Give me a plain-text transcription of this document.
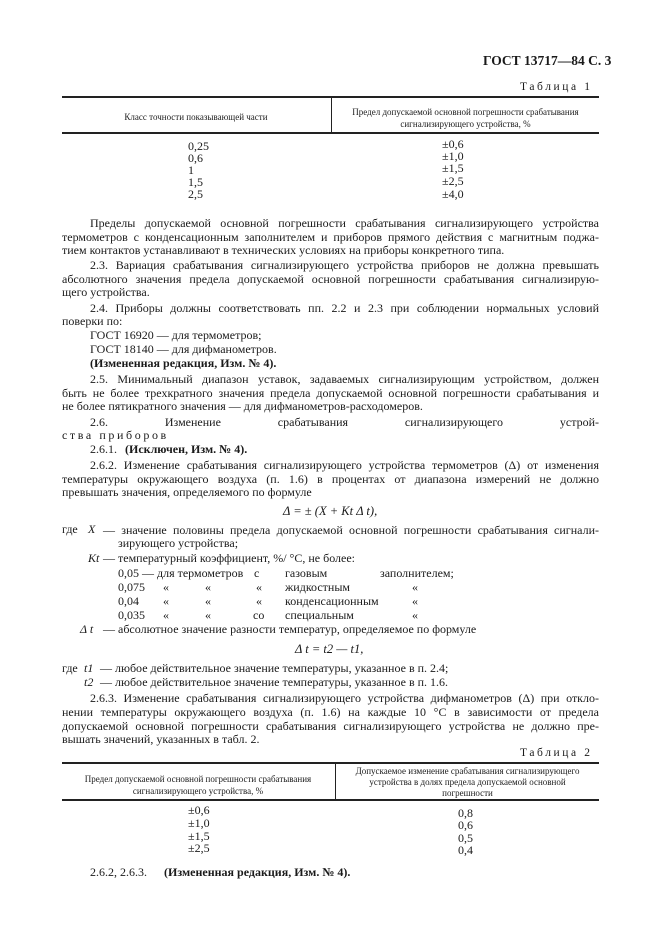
ГОСТ 13717—84 С. 3
Таблица 1
Класс точности показывающей части	Предел допускаемой основной погрешности срабатывания
сигнализирующего устройства, %
0,25	±0,6
0,6	±1,0
1	±1,5
1,5	±2,5
2,5	±4,0
Пределы допускаемой основной погрешности срабатывания сигнализирующего устройства
термометров с конденсационным заполнителем и приборов прямого действия с магнитным поджа-
тием контактов устанавливают в технических условиях на приборы конкретного типа.
2.3. Вариация срабатывания сигнализирующего устройства приборов не должна превышать
абсолютного значения предела допускаемой основной погрешности срабатывания сигнализирую-
щего устройства.
2.4. Приборы должны соответствовать пп. 2.2 и 2.3 при соблюдении нормальных условий
поверки по:
ГОСТ 16920 — для термометров;
ГОСТ 18140 — для дифманометров.
(Измененная редакция, Изм. № 4).
2.5. Минимальный диапазон уставок, задаваемых сигнализирующим устройством, должен
быть не более трехкратного значения предела допускаемой основной погрешности срабатывания и
не более пятикратного значения — для дифманометров-расходомеров.
2.6. Изменение срабатывания сигнализирующего устрой-
ства приборов
2.6.1. (Исключен, Изм. № 4).
2.6.2. Изменение срабатывания сигнализирующего устройства термометров (Δ) от изменения
температуры окружающего воздуха (п. 1.6) в процентах от диапазона измерений не должно
превышать значения, определяемого по формуле
Δ = ± (X + Kt Δ t),
где X — значение половины предела допускаемой основной погрешности срабатывания сигнали-
зирующего устройства;
Kt — температурный коэффициент, %/ °С, не более:
0,05 — для термометров с газовым	заполнителем;
0,075 «	«	« жидкостным	«
0,04 «	«	« конденсационным	«
0,035 «	«	со специальным	«
Δ t — абсолютное значение разности температур, определяемое по формуле
Δ t = t2 — t1,
где t1 — любое действительное значение температуры, указанное в п. 2.4;
t2 — любое действительное значение температуры, указанное в п. 1.6.
2.6.3. Изменение срабатывания сигнализирующего устройства дифманометров (Δ) при откло-
нении температуры окружающего воздуха (п. 1.6) на каждые 10 °С в зависимости от предела
допускаемой основной погрешности срабатывания сигнализирующего устройства не должно пре-
вышать значений, указанных в табл. 2.
Таблица 2
Предел допускаемой основной погрешности срабатывания
сигнализирующего устройства, %
Допускаемое изменение срабатывания сигнализирующего
устройства в долях предела допускаемой основной
погрешности
±0,6	0,8
±1,0	0,6
±1,5	0,5
±2,5	0,4
2.6.2, 2.6.3. (Измененная редакция, Изм. № 4).
